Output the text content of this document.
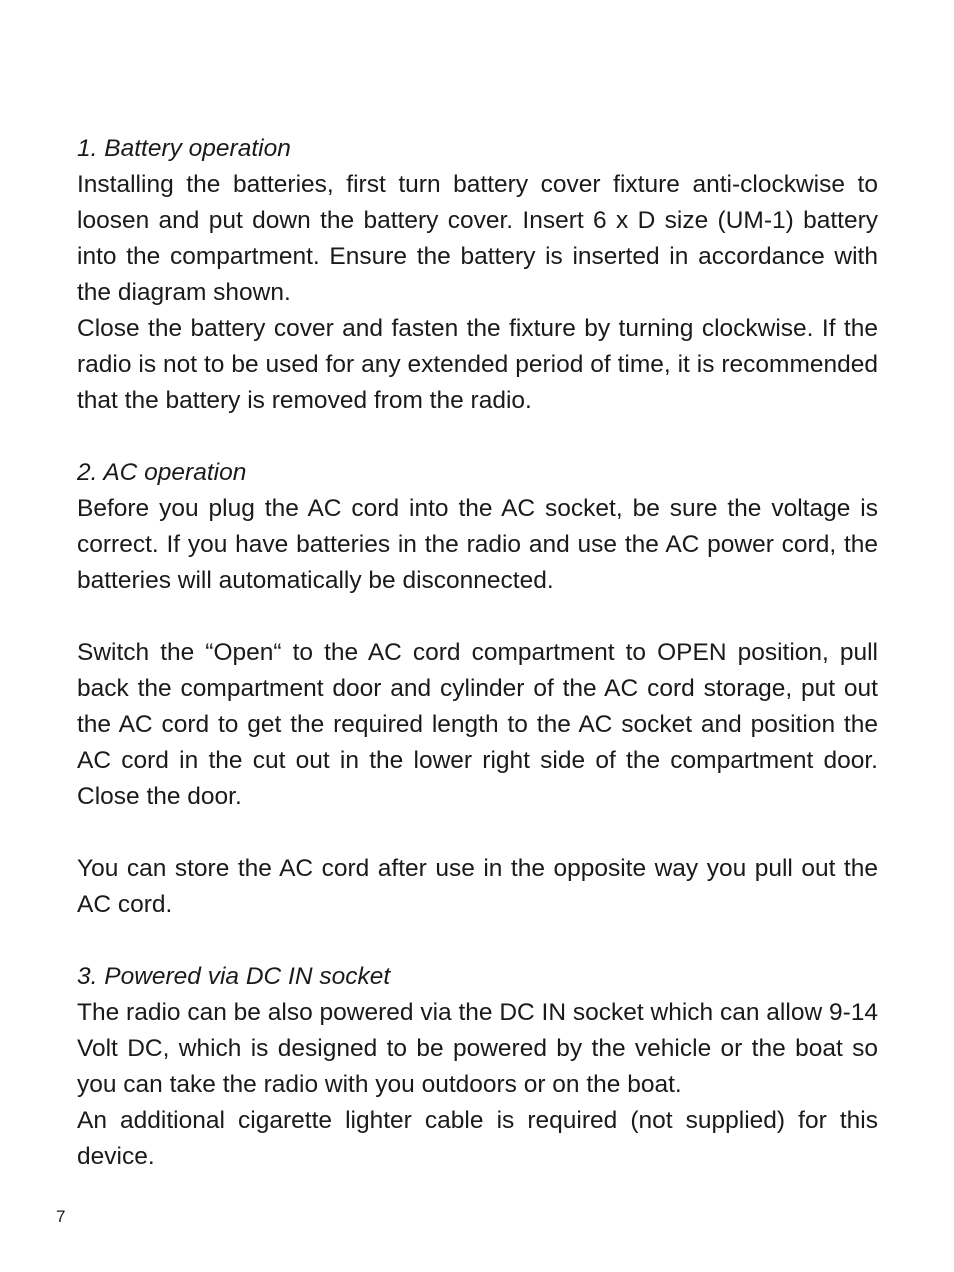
1. Battery operation

Installing the batteries, first turn battery cover fixture anti-clockwise to loosen and put down the battery cover. Insert 6 x D size (UM-1) battery into the compartment. Ensure the battery is inserted in accordance with the diagram shown.

Close the battery cover and fasten the fixture by turning clockwise. If the radio is not to be used for any extended period of time, it is recommended that the battery is removed from the radio.

2. AC operation

Before you plug the AC cord into the AC socket, be sure the voltage is correct. If you have batteries in the radio and use the AC power cord, the batteries will automatically be disconnected.

Switch the “Open“ to the AC cord compartment to OPEN position, pull back the compartment door and cylinder of the AC cord storage, put out the AC cord to get the required length to the AC socket and position the AC cord in the cut out in the lower right side of the compartment door. Close the door.

You can store the AC cord after use in the opposite way you pull out the AC cord.

3. Powered via DC IN socket

The radio can be also powered via the DC IN socket which can allow 9-14 Volt DC, which is designed to be powered by the vehicle or the boat so you can take the radio with you outdoors or on the boat.

An additional cigarette lighter cable is required (not supplied) for this device.

7
